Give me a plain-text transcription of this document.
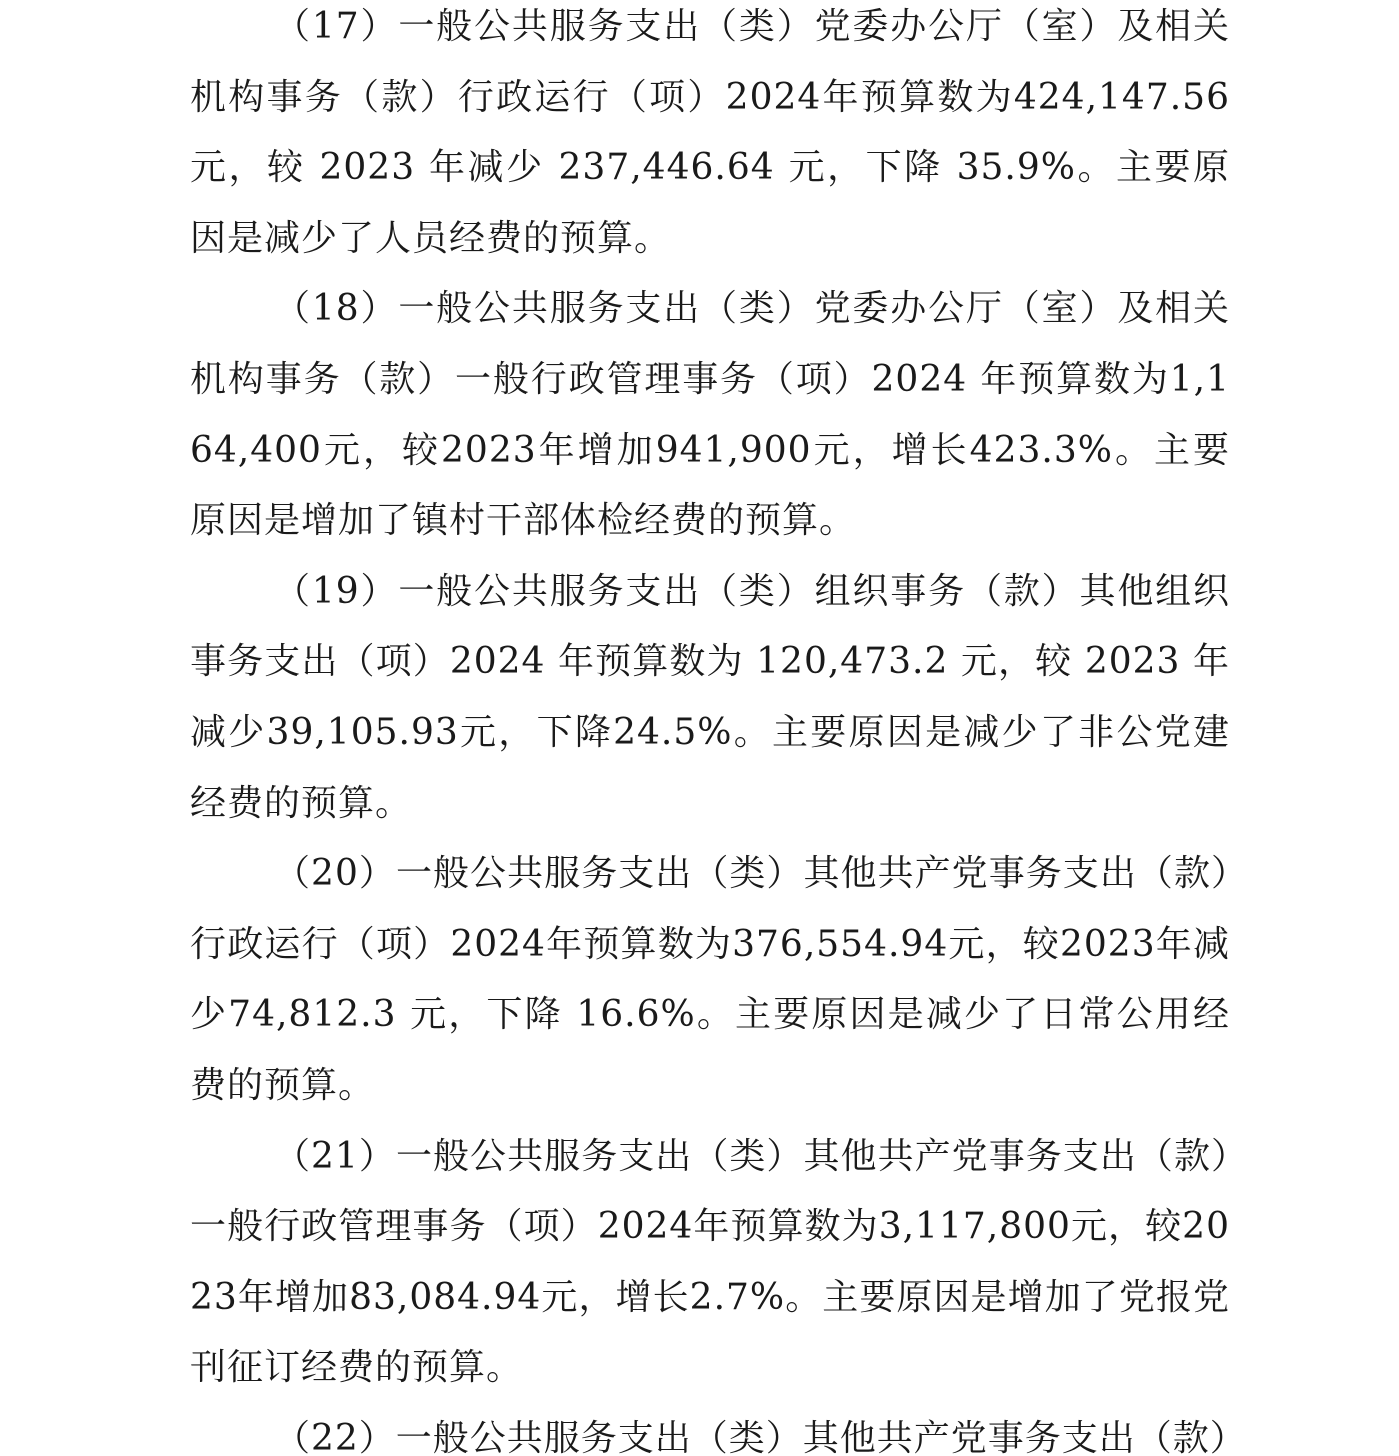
（17）一般公共服务支出（类）党委办公厅（室）及相关机构事务（款）行政运行（项）2024年预算数为424,147.56元，较 2023 年减少 237,446.64 元，下降 35.9%。主要原因是减少了人员经费的预算。

（18）一般公共服务支出（类）党委办公厅（室）及相关机构事务（款）一般行政管理事务（项）2024 年预算数为1,164,400元，较2023年增加941,900元，增长423.3%。主要原因是增加了镇村干部体检经费的预算。

（19）一般公共服务支出（类）组织事务（款）其他组织事务支出（项）2024 年预算数为 120,473.2 元，较 2023 年减少39,105.93元，下降24.5%。主要原因是减少了非公党建经费的预算。

（20）一般公共服务支出（类）其他共产党事务支出（款）行政运行（项）2024年预算数为376,554.94元，较2023年减少74,812.3 元，下降 16.6%。主要原因是减少了日常公用经费的预算。

（21）一般公共服务支出（类）其他共产党事务支出（款）一般行政管理事务（项）2024年预算数为3,117,800元，较2023年增加83,084.94元，增长2.7%。主要原因是增加了党报党刊征订经费的预算。

（22）一般公共服务支出（类）其他共产党事务支出（款）
